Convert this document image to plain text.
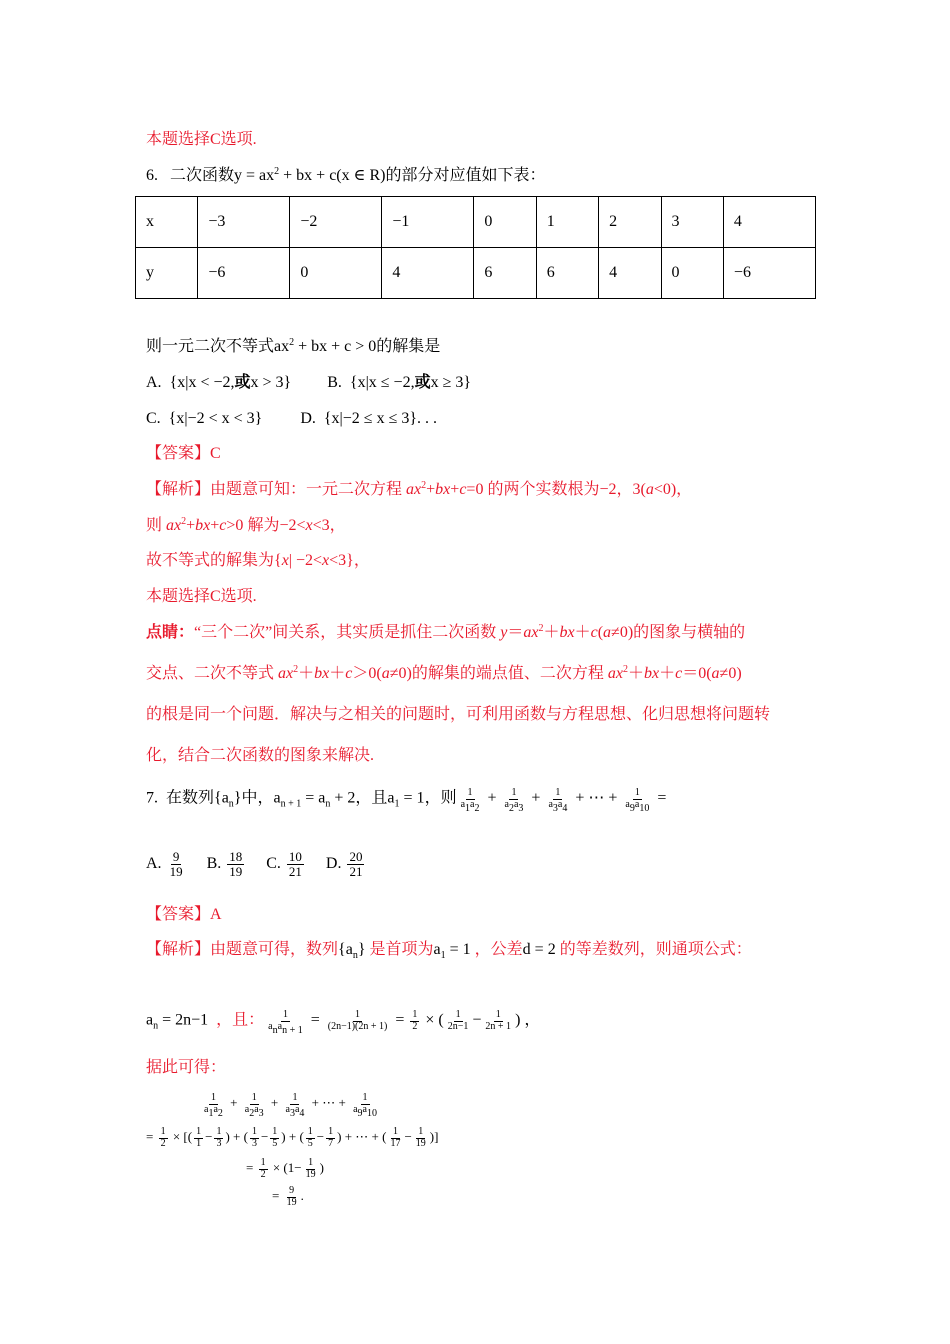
本题选择C选项.
6. 二次函数$y = ax^2$ + bx + c(x ∈ R)的部分对应值如下表：
x	−3	−2	−1	0	1	2	3	4
y	−6	0	4	6	6	4	0	−6
则一元二次不等式$ax^2$ + bx + c > 0的解集是
A.  {x|x < −2,或x > 3} B.  {x|x ≤ −2,或x ≥ 3}
C.  {x|−2 < x < 3} D.  {x|−2 ≤ x ≤ 3}. . .
【答案】C
【解析】由题意可知：一元二次方程 $ax^2+bx+c=0$ 的两个实数根为−2，3(a<0)，
则 $ax^2+bx+c>0$ 解为−2<x<3，
故不等式的解集为{x| −2<x<3}，
本题选择C选项.
点睛：“三个二次”间关系，其实质是抓住二次函数 $y=ax^2+bx+c(a\ne 0)$的图象与横轴的
交点、二次不等式 $ax^2+bx+c>0(a\ne 0)$的解集的端点值、二次方程 $ax^2+bx+c=0(a\ne 0)$
的根是同一个问题．解决与之相关的问题时，可利用函数与方程思想、化归思想将问题转
化，结合二次函数的图象来解决.
7. 在数列$\{a_n\}$中，$a_{n + 1} = a_n + 2$，且$a_1 = 1$，则 $\frac{1}{a_1a_2} + \frac{1}{a_2a_3} + \frac{1}{a_3a_4}$ + ⋯ + $\frac{1}{a_9a_{10}}$ =
A. $\frac{9}{19} B$. $\frac{18}{19} C$. $\frac{10}{21} D$. $\frac{20}{21}$
【答案】A
【解析】由题意可得，数列$\{a_n\}$ 是首项为$a_1 = 1$ ，公差d = 2 的等差数列，则通项公式：
$a_n = 2n-1$  ，且： $\frac{1}{a_na_{n + 1}} = \frac{1}{(2n-1)(2n + 1)} = \frac{1}{2}$ × ( $\frac{1}{2n-1} - \frac{1}{2n + 1}$ ) ，
据此可得：
$\frac{1}{a_1a_2} + \frac{1}{a_2a_3} + \frac{1}{a_3a_4}$ + ⋯ + $\frac{1}{a_9a_{10}}$
= $\frac{1}{2}$ × [( $\frac{1}{1} - \frac{1}{3}$ ) + ( $\frac{1}{3} - \frac{1}{5}$ ) + ( $\frac{1}{5} - \frac{1}{7}$ ) + ⋯ + ( $\frac{1}{17} - \frac{1}{19}$ )]
= $\frac{1}{2} \times (1- \frac{1}{19}$ )
= $\frac{9}{19}$ .
